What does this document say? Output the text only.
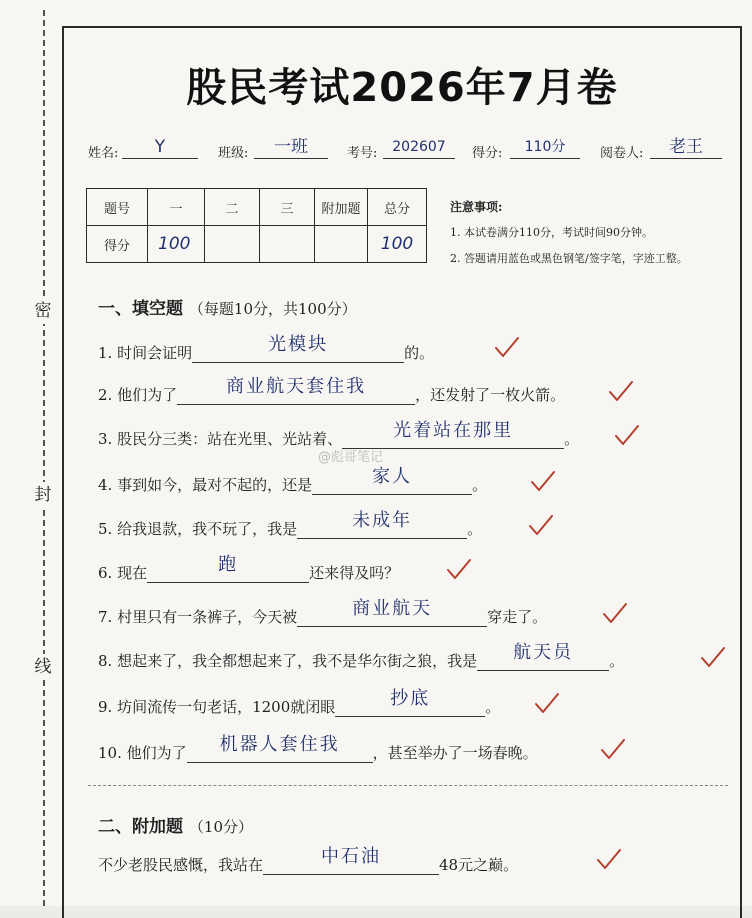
密
封
线
股民考试2026年7月卷
姓名:	Y	班级:	一班	考号:	202607	得分:	110分	阅卷人:	老王
题号	一	二	三	附加题	总分
得分	100				100
注意事项:
1. 本试卷满分110分，考试时间90分钟。
2. 答题请用蓝色或黑色钢笔/签字笔，字迹工整。
一、填空题 （每题10分，共100分）
1. 时间会证明	光模块	的。
2. 他们为了	商业航天套住我	，还发射了一枚火箭。
3. 股民分三类：站在光里、光站着、	光着站在那里	。
4. 事到如今，最对不起的，还是	家人	。
5. 给我退款，我不玩了，我是	未成年	。
6. 现在	跑	还来得及吗？
7. 村里只有一条裤子，今天被	商业航天	穿走了。
8. 想起来了，我全都想起来了，我不是华尔街之狼，我是 航天员 。
9. 坊间流传一句老话，1200就闭眼	抄底	。
10. 他们为了 机器人套住我 ，甚至举办了一场春晚。
二、附加题 （10分）
不少老股民感慨，我站在	中石油	48元之巅。
@彪哥笔记
